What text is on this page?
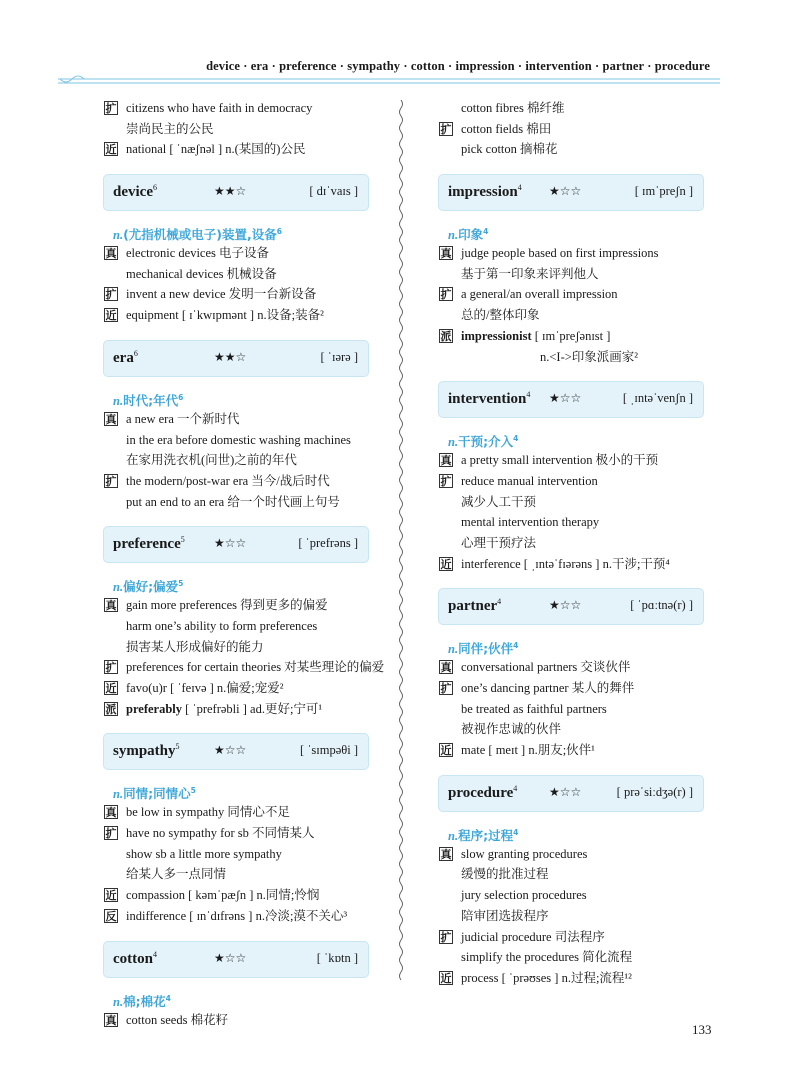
device · era · preference · sympathy · cotton · impression · intervention · partner · procedure
扩 citizens who have faith in democracy
崇尚民主的公民
近 national [ ˈnæʃnəl ] n.(某国的)公民
device$^6$	★★☆	[ dɪˈvaɪs ]
n.(尤指机械或电子)装置,设备$^6$
真 electronic devices 电子设备
mechanical devices 机械设备
扩 invent a new device 发明一台新设备
近 equipment [ ɪˈkwɪpmənt ] n.设备;装备²
era$^6$	★★☆	[ ˈɪərə ]
n.时代;年代$^6$
真 a new era 一个新时代
in the era before domestic washing machines
在家用洗衣机(问世)之前的年代
扩 the modern/post-war era 当今/战后时代
put an end to an era 给一个时代画上句号
preference$^5$ ★☆☆	[ ˈprefrəns ]
n.偏好;偏爱$^5$
真 gain more preferences 得到更多的偏爱
harm one’s ability to form preferences
损害某人形成偏好的能力
扩 preferences for certain theories 对某些理论的偏爱
近 favo(u)r [ ˈfeɪvə ] n.偏爱;宠爱²
派 preferably [ ˈprefrəbli ] ad.更好;宁可¹
sympathy$^5$	★☆☆	[ ˈsɪmpəθi ]
n.同情;同情心$^5$
真 be low in sympathy 同情心不足
扩 have no sympathy for sb 不同情某人
show sb a little more sympathy
给某人多一点同情
近 compassion [ kəmˈpæʃn ] n.同情;怜悯
反 indifference [ ɪnˈdɪfrəns ] n.冷淡;漠不关心³
cotton$^4$	★☆☆	[ ˈkɒtn ]
n.棉;棉花$^4$
真 cotton seeds 棉花籽
cotton fibres 棉纤维
扩 cotton fields 棉田
pick cotton 摘棉花
impression$^4$ ★☆☆	[ ɪmˈpreʃn ]
n.印象$^4$
真 judge people based on first impressions
基于第一印象来评判他人
扩 a general/an overall impression
总的/整体印象
派 impressionist [ ɪmˈpreʃənɪst ]
n.<I->印象派画家²
intervention$^4$ ★☆☆	[ ˌɪntəˈvenʃn ]
n.干预;介入$^4$
真 a pretty small intervention 极小的干预
扩 reduce manual intervention
减少人工干预
mental intervention therapy
心理干预疗法
近 interference [ ˌɪntəˈfɪərəns ] n.干涉;干预⁴
partner$^4$	★☆☆	[ ˈpɑːtnə(r) ]
n.同伴;伙伴$^4$
真 conversational partners 交谈伙伴
扩 one’s dancing partner 某人的舞伴
be treated as faithful partners
被视作忠诚的伙伴
近 mate [ meɪt ] n.朋友;伙伴¹
procedure$^4$	★☆☆	[ prəˈsiːdʒə(r) ]
n.程序;过程$^4$
真 slow granting procedures
缓慢的批准过程
jury selection procedures
陪审团选拔程序
扩 judicial procedure 司法程序
simplify the procedures 简化流程
近 process [ ˈprəʊses ] n.过程;流程¹²
133
